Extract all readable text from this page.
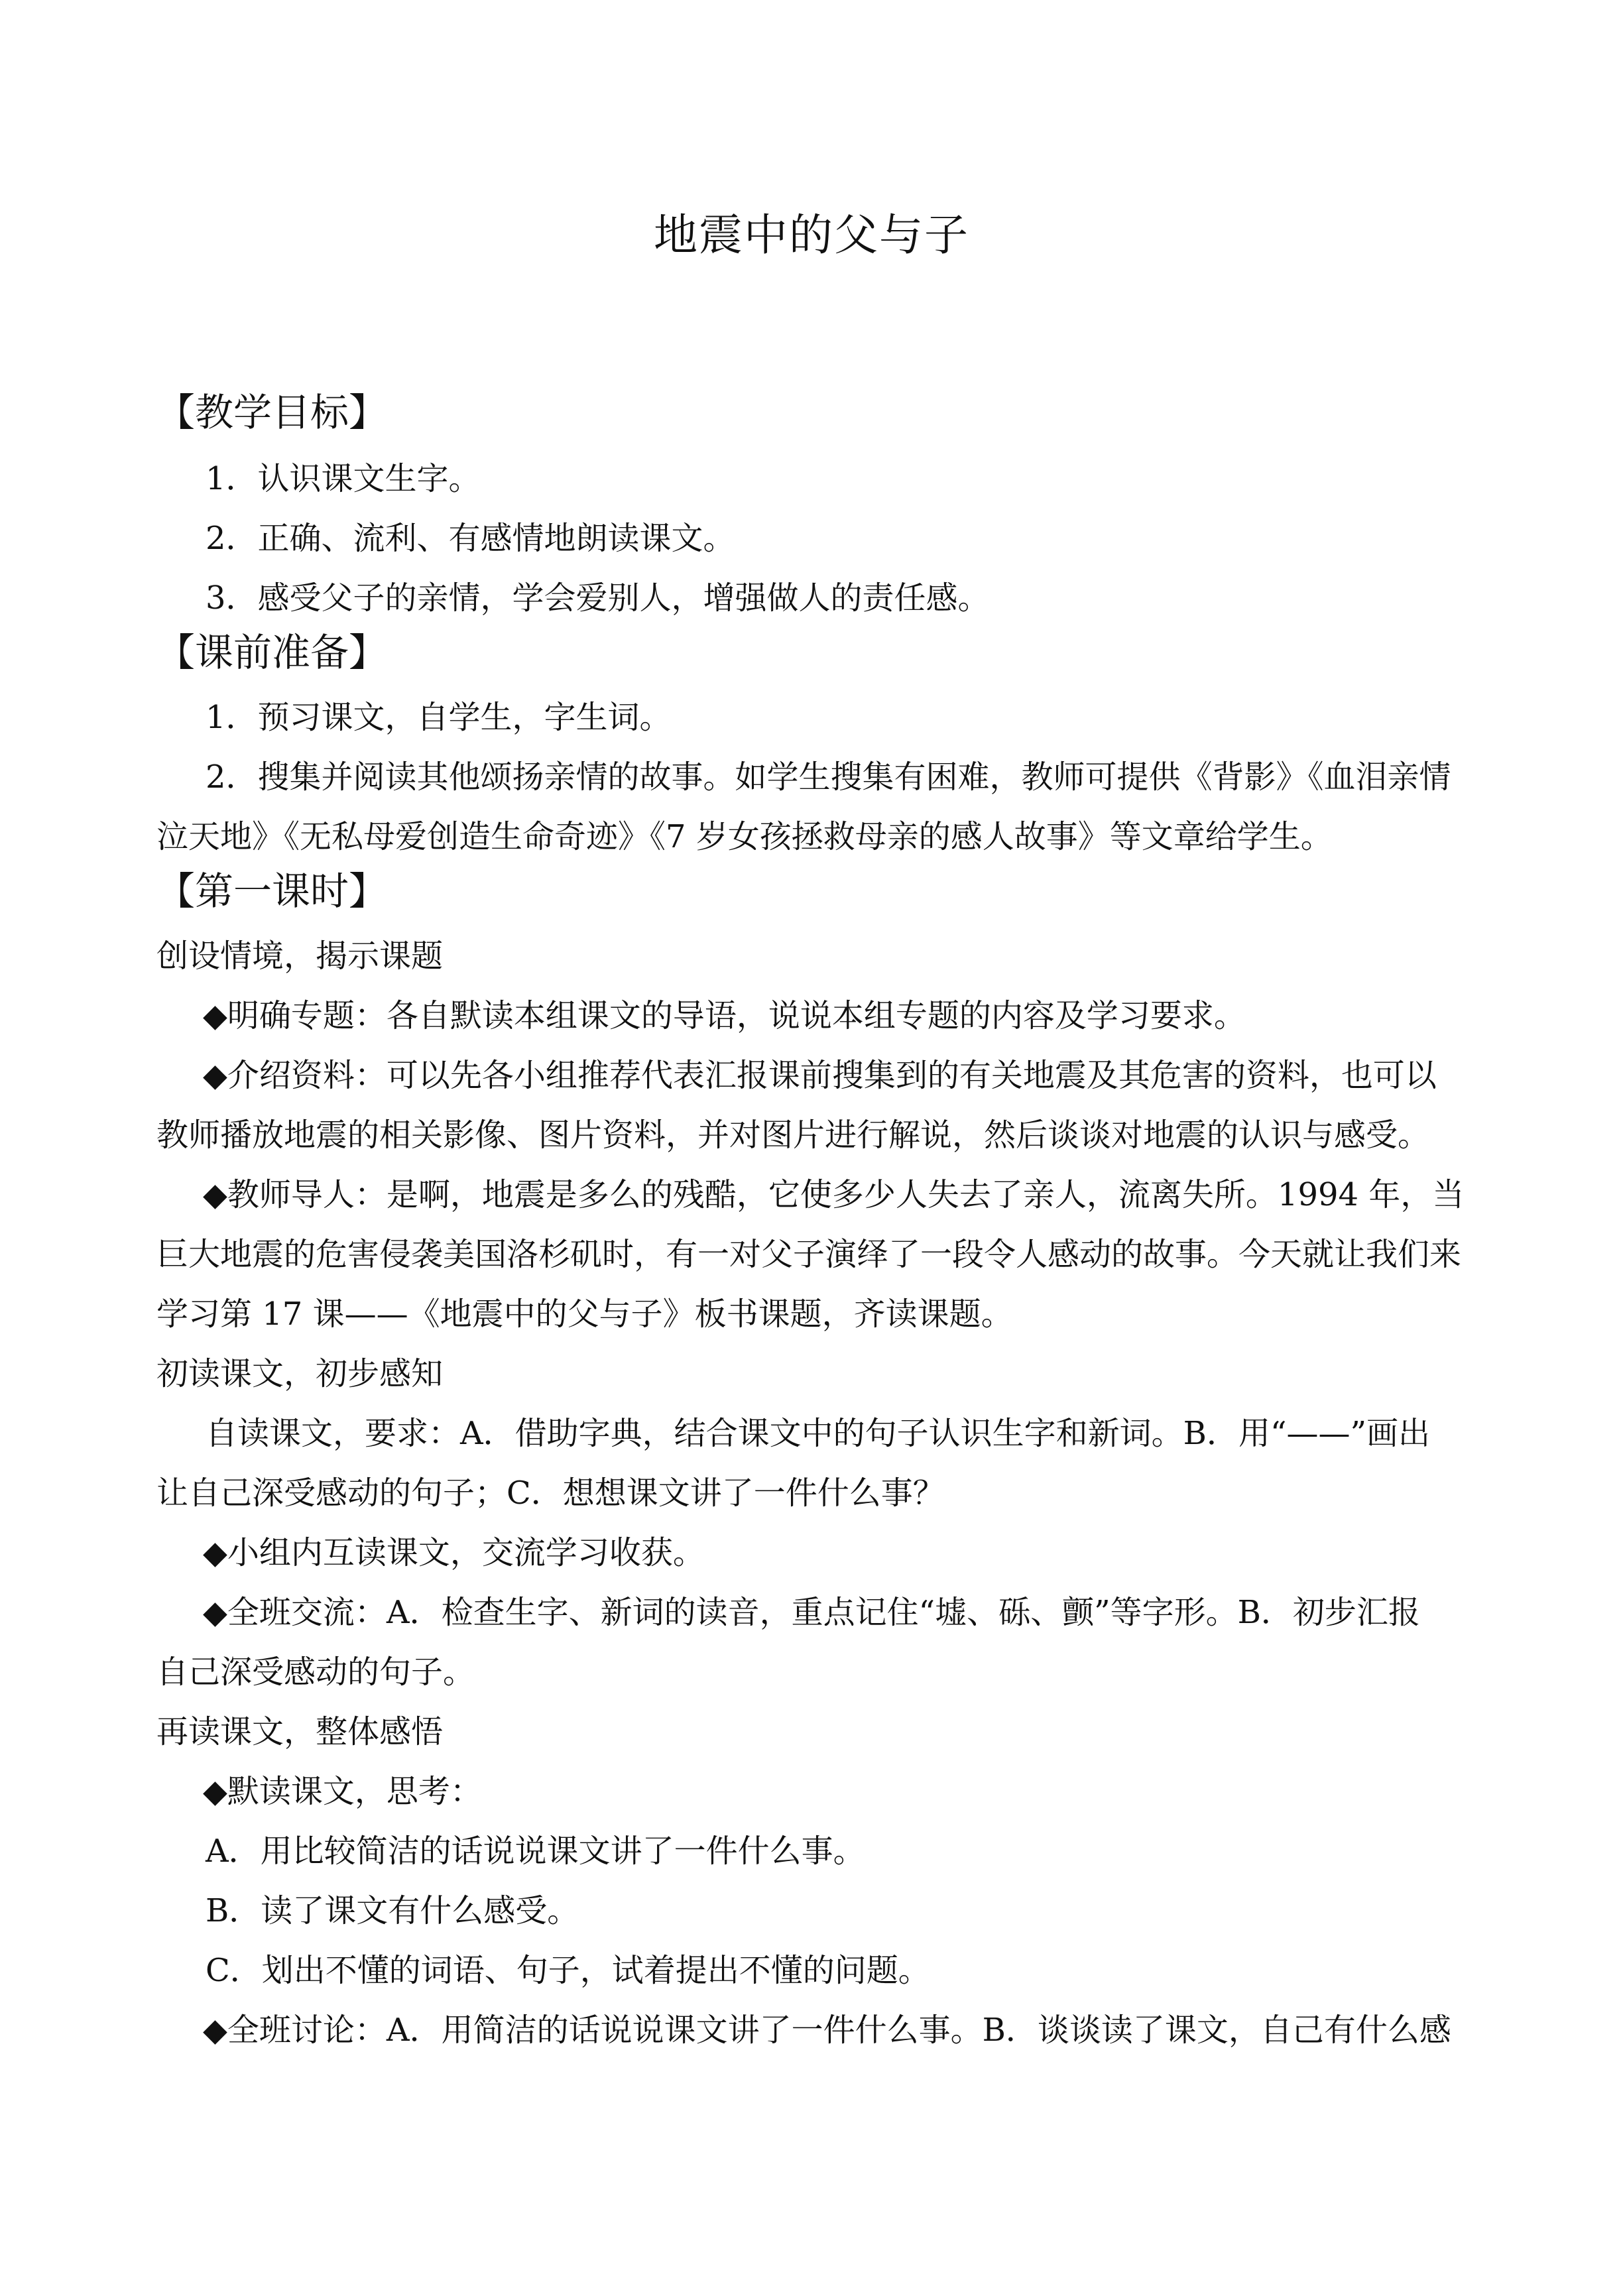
地震中的父与子
【教学目标】
1．认识课文生字。
2．正确、流利、有感情地朗读课文。
3．感受父子的亲情，学会爱别人，增强做人的责任感。
【课前准备】
1．预习课文，自学生，字生词。
2．搜集并阅读其他颂扬亲情的故事。如学生搜集有困难，教师可提供《背影》《血泪亲情
泣天地》《无私母爱创造生命奇迹》《7 岁女孩拯救母亲的感人故事》等文章给学生。
【第一课时】
创设情境，揭示课题
◆明确专题：各自默读本组课文的导语，说说本组专题的内容及学习要求。
◆介绍资料：可以先各小组推荐代表汇报课前搜集到的有关地震及其危害的资料，也可以
教师播放地震的相关影像、图片资料，并对图片进行解说，然后谈谈对地震的认识与感受。
◆教师导人：是啊，地震是多么的残酷，它使多少人失去了亲人，流离失所。1994 年，当
巨大地震的危害侵袭美国洛杉矶时，有一对父子演绎了一段令人感动的故事。今天就让我们来
学习第 17 课——《地震中的父与子》板书课题，齐读课题。
初读课文，初步感知
自读课文，要求：A．借助字典，结合课文中的句子认识生字和新词。B．用“——”画出
让自己深受感动的句子；C．想想课文讲了一件什么事？
◆小组内互读课文，交流学习收获。
◆全班交流：A．检查生字、新词的读音，重点记住“墟、砾、颤”等字形。B．初步汇报
自己深受感动的句子。
再读课文，整体感悟
◆默读课文，思考：
A．用比较简洁的话说说课文讲了一件什么事。
B．读了课文有什么感受。
C．划出不懂的词语、句子，试着提出不懂的问题。
◆全班讨论：A．用简洁的话说说课文讲了一件什么事。B．谈谈读了课文，自己有什么感
